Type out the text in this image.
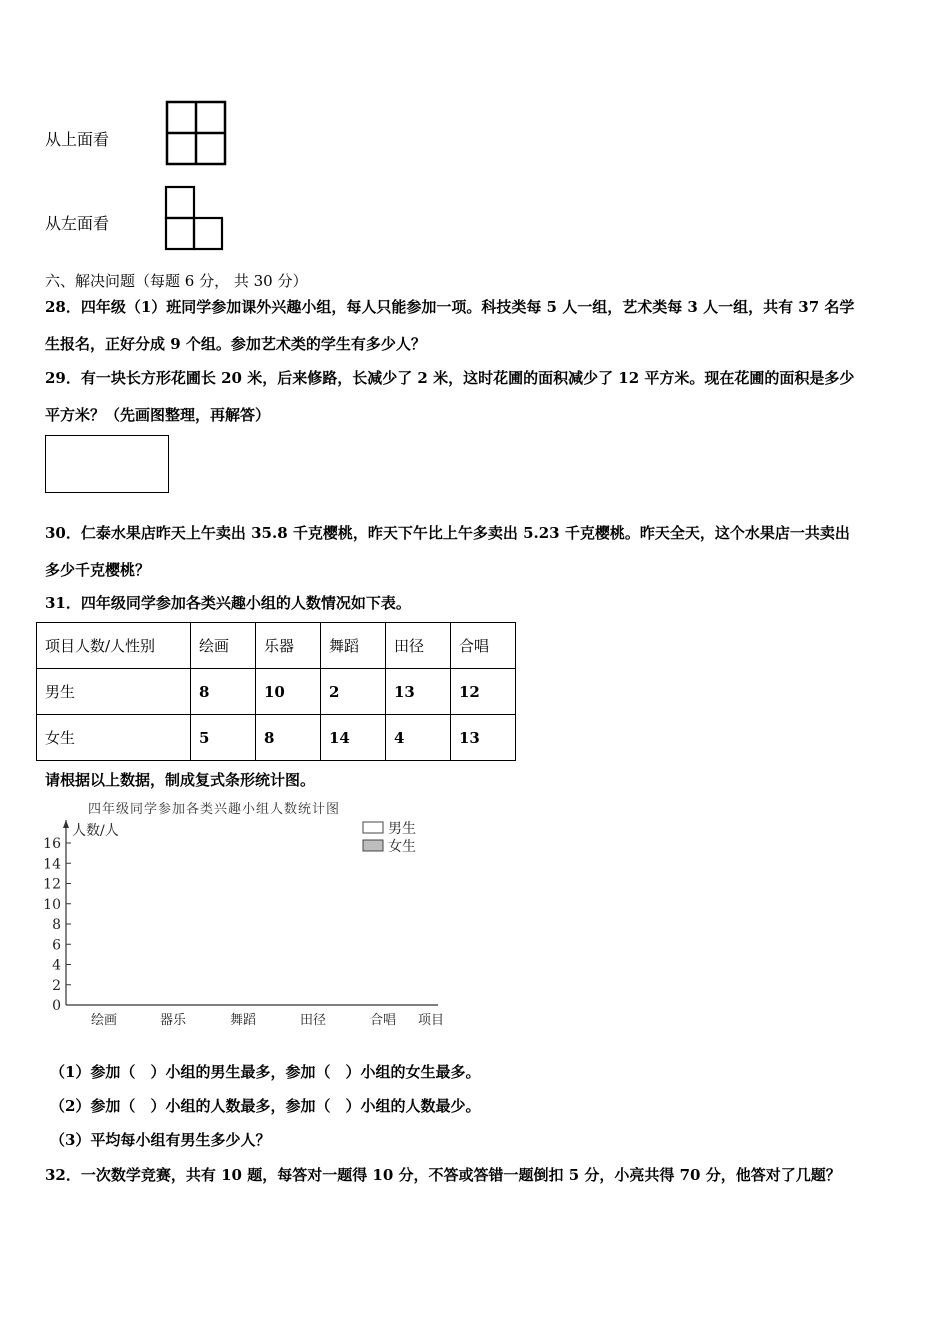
从上面看
从左面看
六、解决问题（每题 6 分， 共 30 分）
28．四年级（1）班同学参加课外兴趣小组，每人只能参加一项。科技类每 5 人一组，艺术类每 3 人一组，共有 37 名学
生报名，正好分成 9 个组。参加艺术类的学生有多少人？
29．有一块长方形花圃长 20 米，后来修路，长减少了 2 米，这时花圃的面积减少了 12 平方米。现在花圃的面积是多少
平方米？（先画图整理，再解答）
30．仁泰水果店昨天上午卖出 35.8 千克樱桃，昨天下午比上午多卖出 5.23 千克樱桃。昨天全天，这个水果店一共卖出
多少千克樱桃？
31．四年级同学参加各类兴趣小组的人数情况如下表。
项目人数/人性别	绘画	乐器	舞蹈	田径	合唱
男生	8	10	2	13	12
女生	5	8	14	4	13
请根据以上数据，制成复式条形统计图。
四年级同学参加各类兴趣小组人数统计图
人数/人
项目
0
2
4
6
8
10
12
14
16
绘画	器乐	舞蹈	田径	合唱
男生
女生
（1）参加（　）小组的男生最多，参加（　）小组的女生最多。
（2）参加（　）小组的人数最多，参加（　）小组的人数最少。
（3）平均每小组有男生多少人？
32．一次数学竞赛，共有 10 题，每答对一题得 10 分，不答或答错一题倒扣 5 分，小亮共得 70 分，他答对了几题？
